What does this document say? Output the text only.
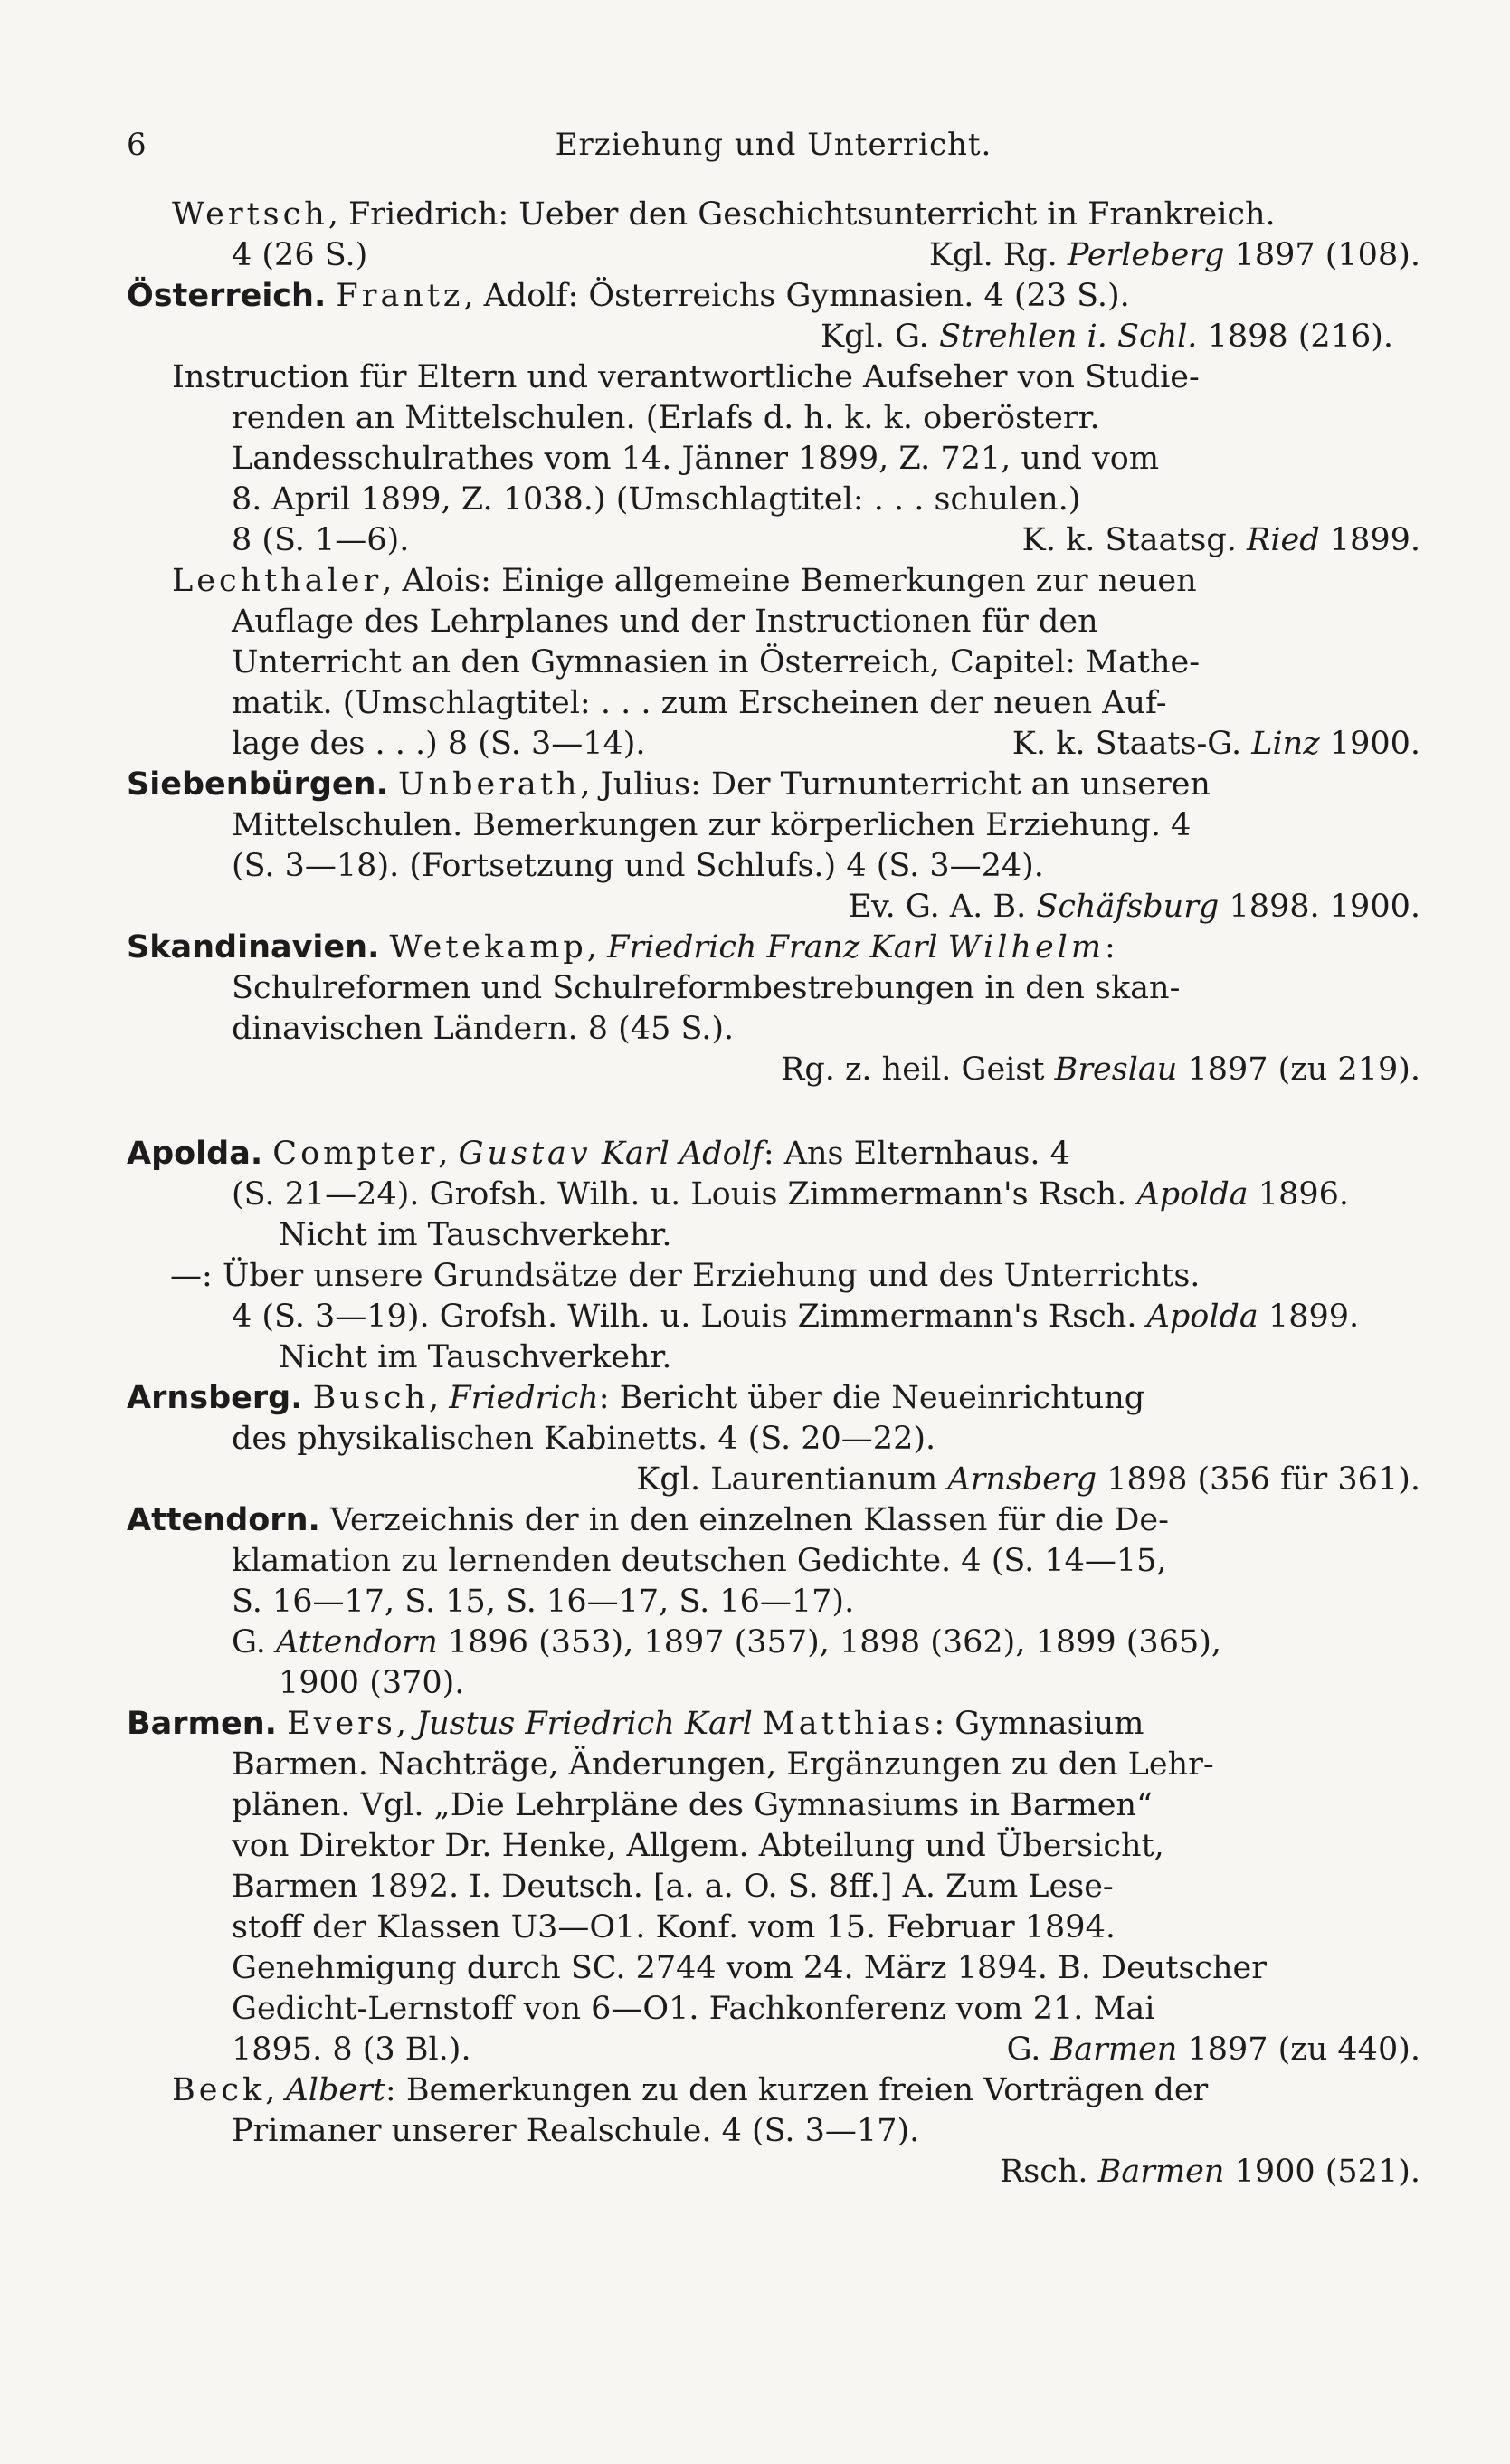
6	Erziehung und Unterricht.
Wertsch, Friedrich: Ueber den Geschichtsunterricht in Frankreich.
4 (26 S.)	Kgl. Rg. Perleberg 1897 (108).
Österreich. Frantz, Adolf: Österreichs Gymnasien. 4 (23 S.).
Kgl. G. Strehlen i. Schl. 1898 (216).
Instruction für Eltern und verantwortliche Aufseher von Studie-
renden an Mittelschulen. (Erlafs d. h. k. k. oberösterr.
Landesschulrathes vom 14. Jänner 1899, Z. 721, und vom
8. April 1899, Z. 1038.) (Umschlagtitel: . . . schulen.)
8 (S. 1—6).	K. k. Staatsg. Ried 1899.
Lechthaler, Alois: Einige allgemeine Bemerkungen zur neuen
Auflage des Lehrplanes und der Instructionen für den
Unterricht an den Gymnasien in Österreich, Capitel: Mathe-
matik. (Umschlagtitel: . . . zum Erscheinen der neuen Auf-
lage des . . .) 8 (S. 3—14).	K. k. Staats-G. Linz 1900.
Siebenbürgen. Unberath, Julius: Der Turnunterricht an unseren
Mittelschulen. Bemerkungen zur körperlichen Erziehung. 4
(S. 3—18). (Fortsetzung und Schlufs.) 4 (S. 3—24).
Ev. G. A. B. Schäfsburg 1898. 1900.
Skandinavien. Wetekamp, Friedrich Franz Karl Wilhelm:
Schulreformen und Schulreformbestrebungen in den skan-
dinavischen Ländern. 8 (45 S.).
Rg. z. heil. Geist Breslau 1897 (zu 219).
Apolda. Compter, Gustav Karl Adolf: Ans Elternhaus. 4
(S. 21—24). Grofsh. Wilh. u. Louis Zimmermann's Rsch. Apolda 1896.
Nicht im Tauschverkehr.
—: Über unsere Grundsätze der Erziehung und des Unterrichts.
4 (S. 3—19). Grofsh. Wilh. u. Louis Zimmermann's Rsch. Apolda 1899.
Nicht im Tauschverkehr.
Arnsberg. Busch, Friedrich: Bericht über die Neueinrichtung
des physikalischen Kabinetts. 4 (S. 20—22).
Kgl. Laurentianum Arnsberg 1898 (356 für 361).
Attendorn. Verzeichnis der in den einzelnen Klassen für die De-
klamation zu lernenden deutschen Gedichte. 4 (S. 14—15,
S. 16—17, S. 15, S. 16—17, S. 16—17).
G. Attendorn 1896 (353), 1897 (357), 1898 (362), 1899 (365),
1900 (370).
Barmen. Evers, Justus Friedrich Karl Matthias: Gymnasium
Barmen. Nachträge, Änderungen, Ergänzungen zu den Lehr-
plänen. Vgl. „Die Lehrpläne des Gymnasiums in Barmen“
von Direktor Dr. Henke, Allgem. Abteilung und Übersicht,
Barmen 1892. I. Deutsch. [a. a. O. S. 8ff.] A. Zum Lese-
stoff der Klassen U3—O1. Konf. vom 15. Februar 1894.
Genehmigung durch SC. 2744 vom 24. März 1894. B. Deutscher
Gedicht-Lernstoff von 6—O1. Fachkonferenz vom 21. Mai
1895. 8 (3 Bl.).	G. Barmen 1897 (zu 440).
Beck, Albert: Bemerkungen zu den kurzen freien Vorträgen der
Primaner unserer Realschule. 4 (S. 3—17).
Rsch. Barmen 1900 (521).
